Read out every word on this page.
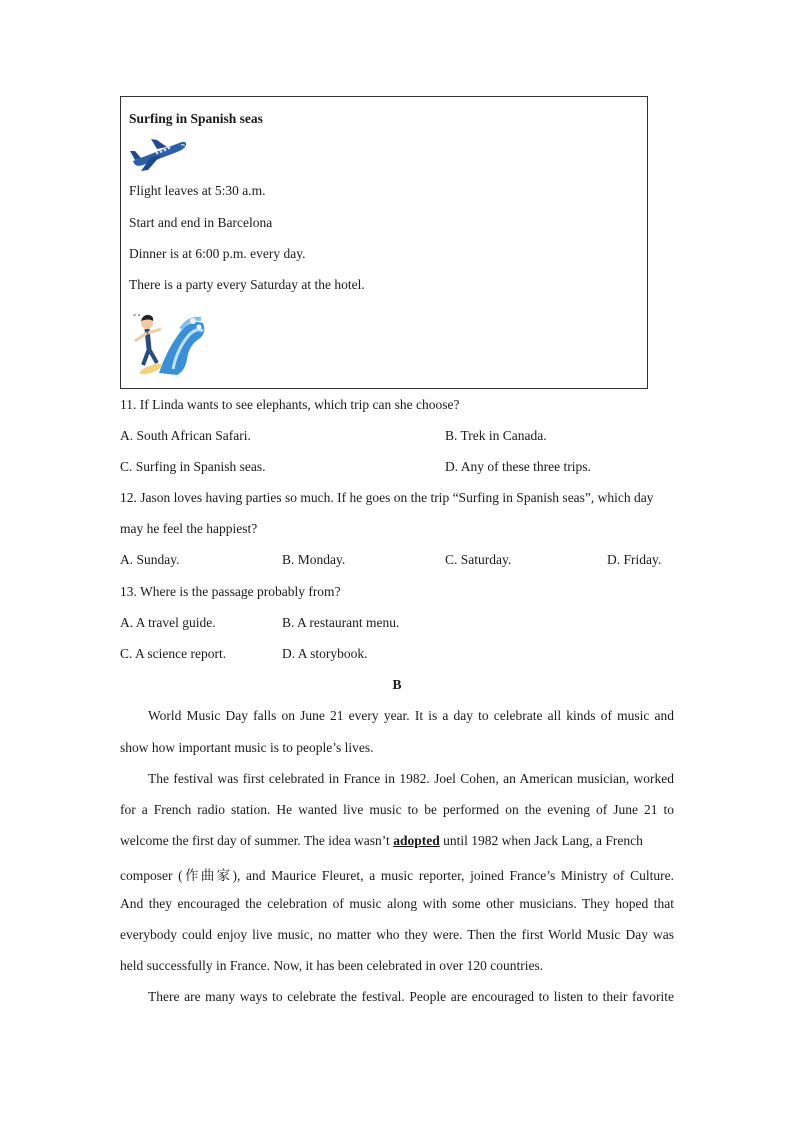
Surfing in Spanish seas
Flight leaves at 5:30 a.m.
Start and end in Barcelona
Dinner is at 6:00 p.m. every day.
There is a party every Saturday at the hotel.
* *
11. If Linda wants to see elephants, which trip can she choose?
A. South African Safari.	B. Trek in Canada.
C. Surfing in Spanish seas.	D. Any of these three trips.
12. Jason loves having parties so much. If he goes on the trip “Surfing in Spanish seas”, which day
may he feel the happiest?
A. Sunday.	B. Monday.	C. Saturday.	D. Friday.
13. Where is the passage probably from?
A. A travel guide.	B. A restaurant menu.
C. A science report.	D. A storybook.
B
World Music Day falls on June 21 every year. It is a day to celebrate all kinds of music and
show how important music is to people’s lives.
The festival was first celebrated in France in 1982. Joel Cohen, an American musician, worked
for a French radio station. He wanted live music to be performed on the evening of June 21 to
welcome the first day of summer. The idea wasn’t adopted until 1982 when Jack Lang, a French
composer (作曲家), and Maurice Fleuret, a music reporter, joined France’s Ministry of Culture.
And they encouraged the celebration of music along with some other musicians. They hoped that
everybody could enjoy live music, no matter who they were. Then the first World Music Day was
held successfully in France. Now, it has been celebrated in over 120 countries.
There are many ways to celebrate the festival. People are encouraged to listen to their favorite
